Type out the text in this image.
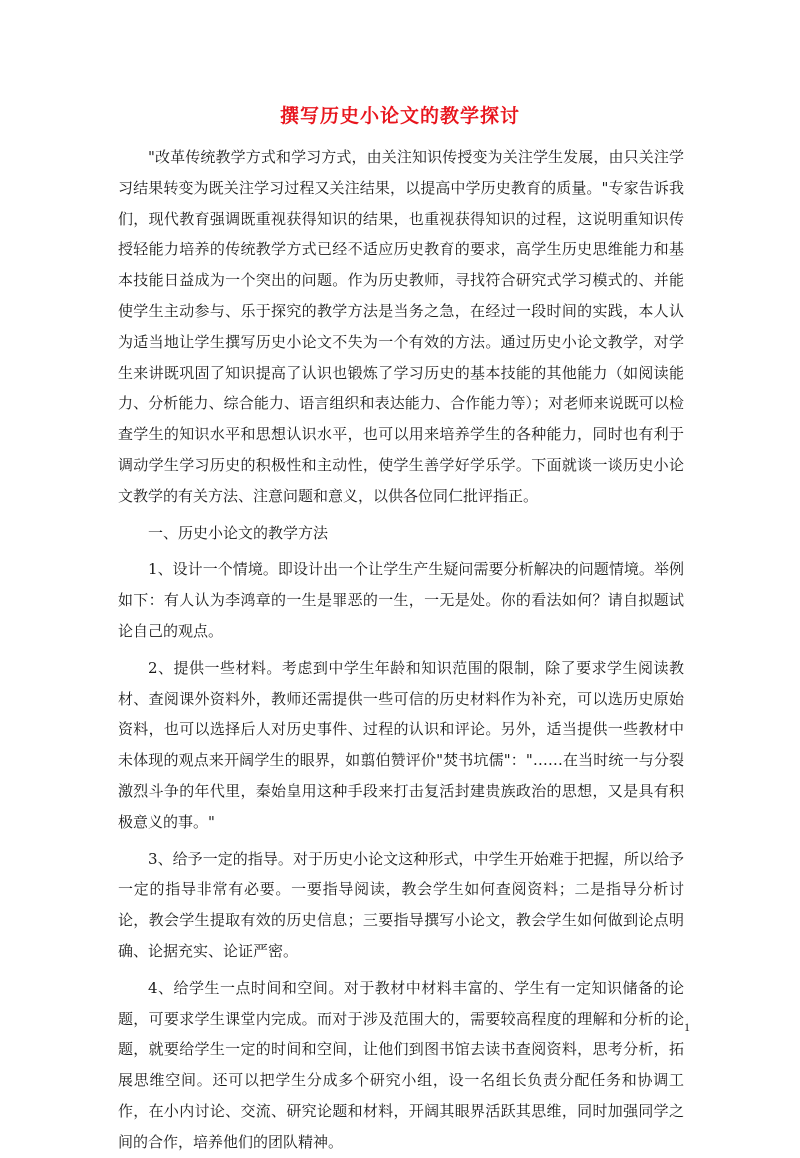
撰写历史小论文的教学探讨

"改革传统教学方式和学习方式，由关注知识传授变为关注学生发展，由只关注学习结果转变为既关注学习过程又关注结果，以提高中学历史教育的质量。"专家告诉我们，现代教育强调既重视获得知识的结果，也重视获得知识的过程，这说明重知识传授轻能力培养的传统教学方式已经不适应历史教育的要求，高学生历史思维能力和基本技能日益成为一个突出的问题。作为历史教师，寻找符合研究式学习模式的、并能使学生主动参与、乐于探究的教学方法是当务之急，在经过一段时间的实践，本人认为适当地让学生撰写历史小论文不失为一个有效的方法。通过历史小论文教学，对学生来讲既巩固了知识提高了认识也锻炼了学习历史的基本技能的其他能力（如阅读能力、分析能力、综合能力、语言组织和表达能力、合作能力等）；对老师来说既可以检查学生的知识水平和思想认识水平，也可以用来培养学生的各种能力，同时也有利于调动学生学习历史的积极性和主动性，使学生善学好学乐学。下面就谈一谈历史小论文教学的有关方法、注意问题和意义，以供各位同仁批评指正。

一、历史小论文的教学方法

1、设计一个情境。即设计出一个让学生产生疑问需要分析解决的问题情境。举例如下：有人认为李鸿章的一生是罪恶的一生，一无是处。你的看法如何？请自拟题试论自己的观点。

2、提供一些材料。考虑到中学生年龄和知识范围的限制，除了要求学生阅读教材、查阅课外资料外，教师还需提供一些可信的历史材料作为补充，可以选历史原始资料，也可以选择后人对历史事件、过程的认识和评论。另外，适当提供一些教材中未体现的观点来开阔学生的眼界，如翦伯赞评价"焚书坑儒"："……在当时统一与分裂激烈斗争的年代里，秦始皇用这种手段来打击复活封建贵族政治的思想，又是具有积极意义的事。"

3、给予一定的指导。对于历史小论文这种形式，中学生开始难于把握，所以给予一定的指导非常有必要。一要指导阅读，教会学生如何查阅资料；二是指导分析讨论，教会学生提取有效的历史信息；三要指导撰写小论文，教会学生如何做到论点明确、论据充实、论证严密。

4、给学生一点时间和空间。对于教材中材料丰富的、学生有一定知识储备的论题，可要求学生课堂内完成。而对于涉及范围大的，需要较高程度的理解和分析的论题，就要给学生一定的时间和空间，让他们到图书馆去读书查阅资料，思考分析，拓展思维空间。还可以把学生分成多个研究小组，设一名组长负责分配任务和协调工作，在小内讨论、交流、研究论题和材料，开阔其眼界活跃其思维，同时加强同学之间的合作，培养他们的团队精神。

1
